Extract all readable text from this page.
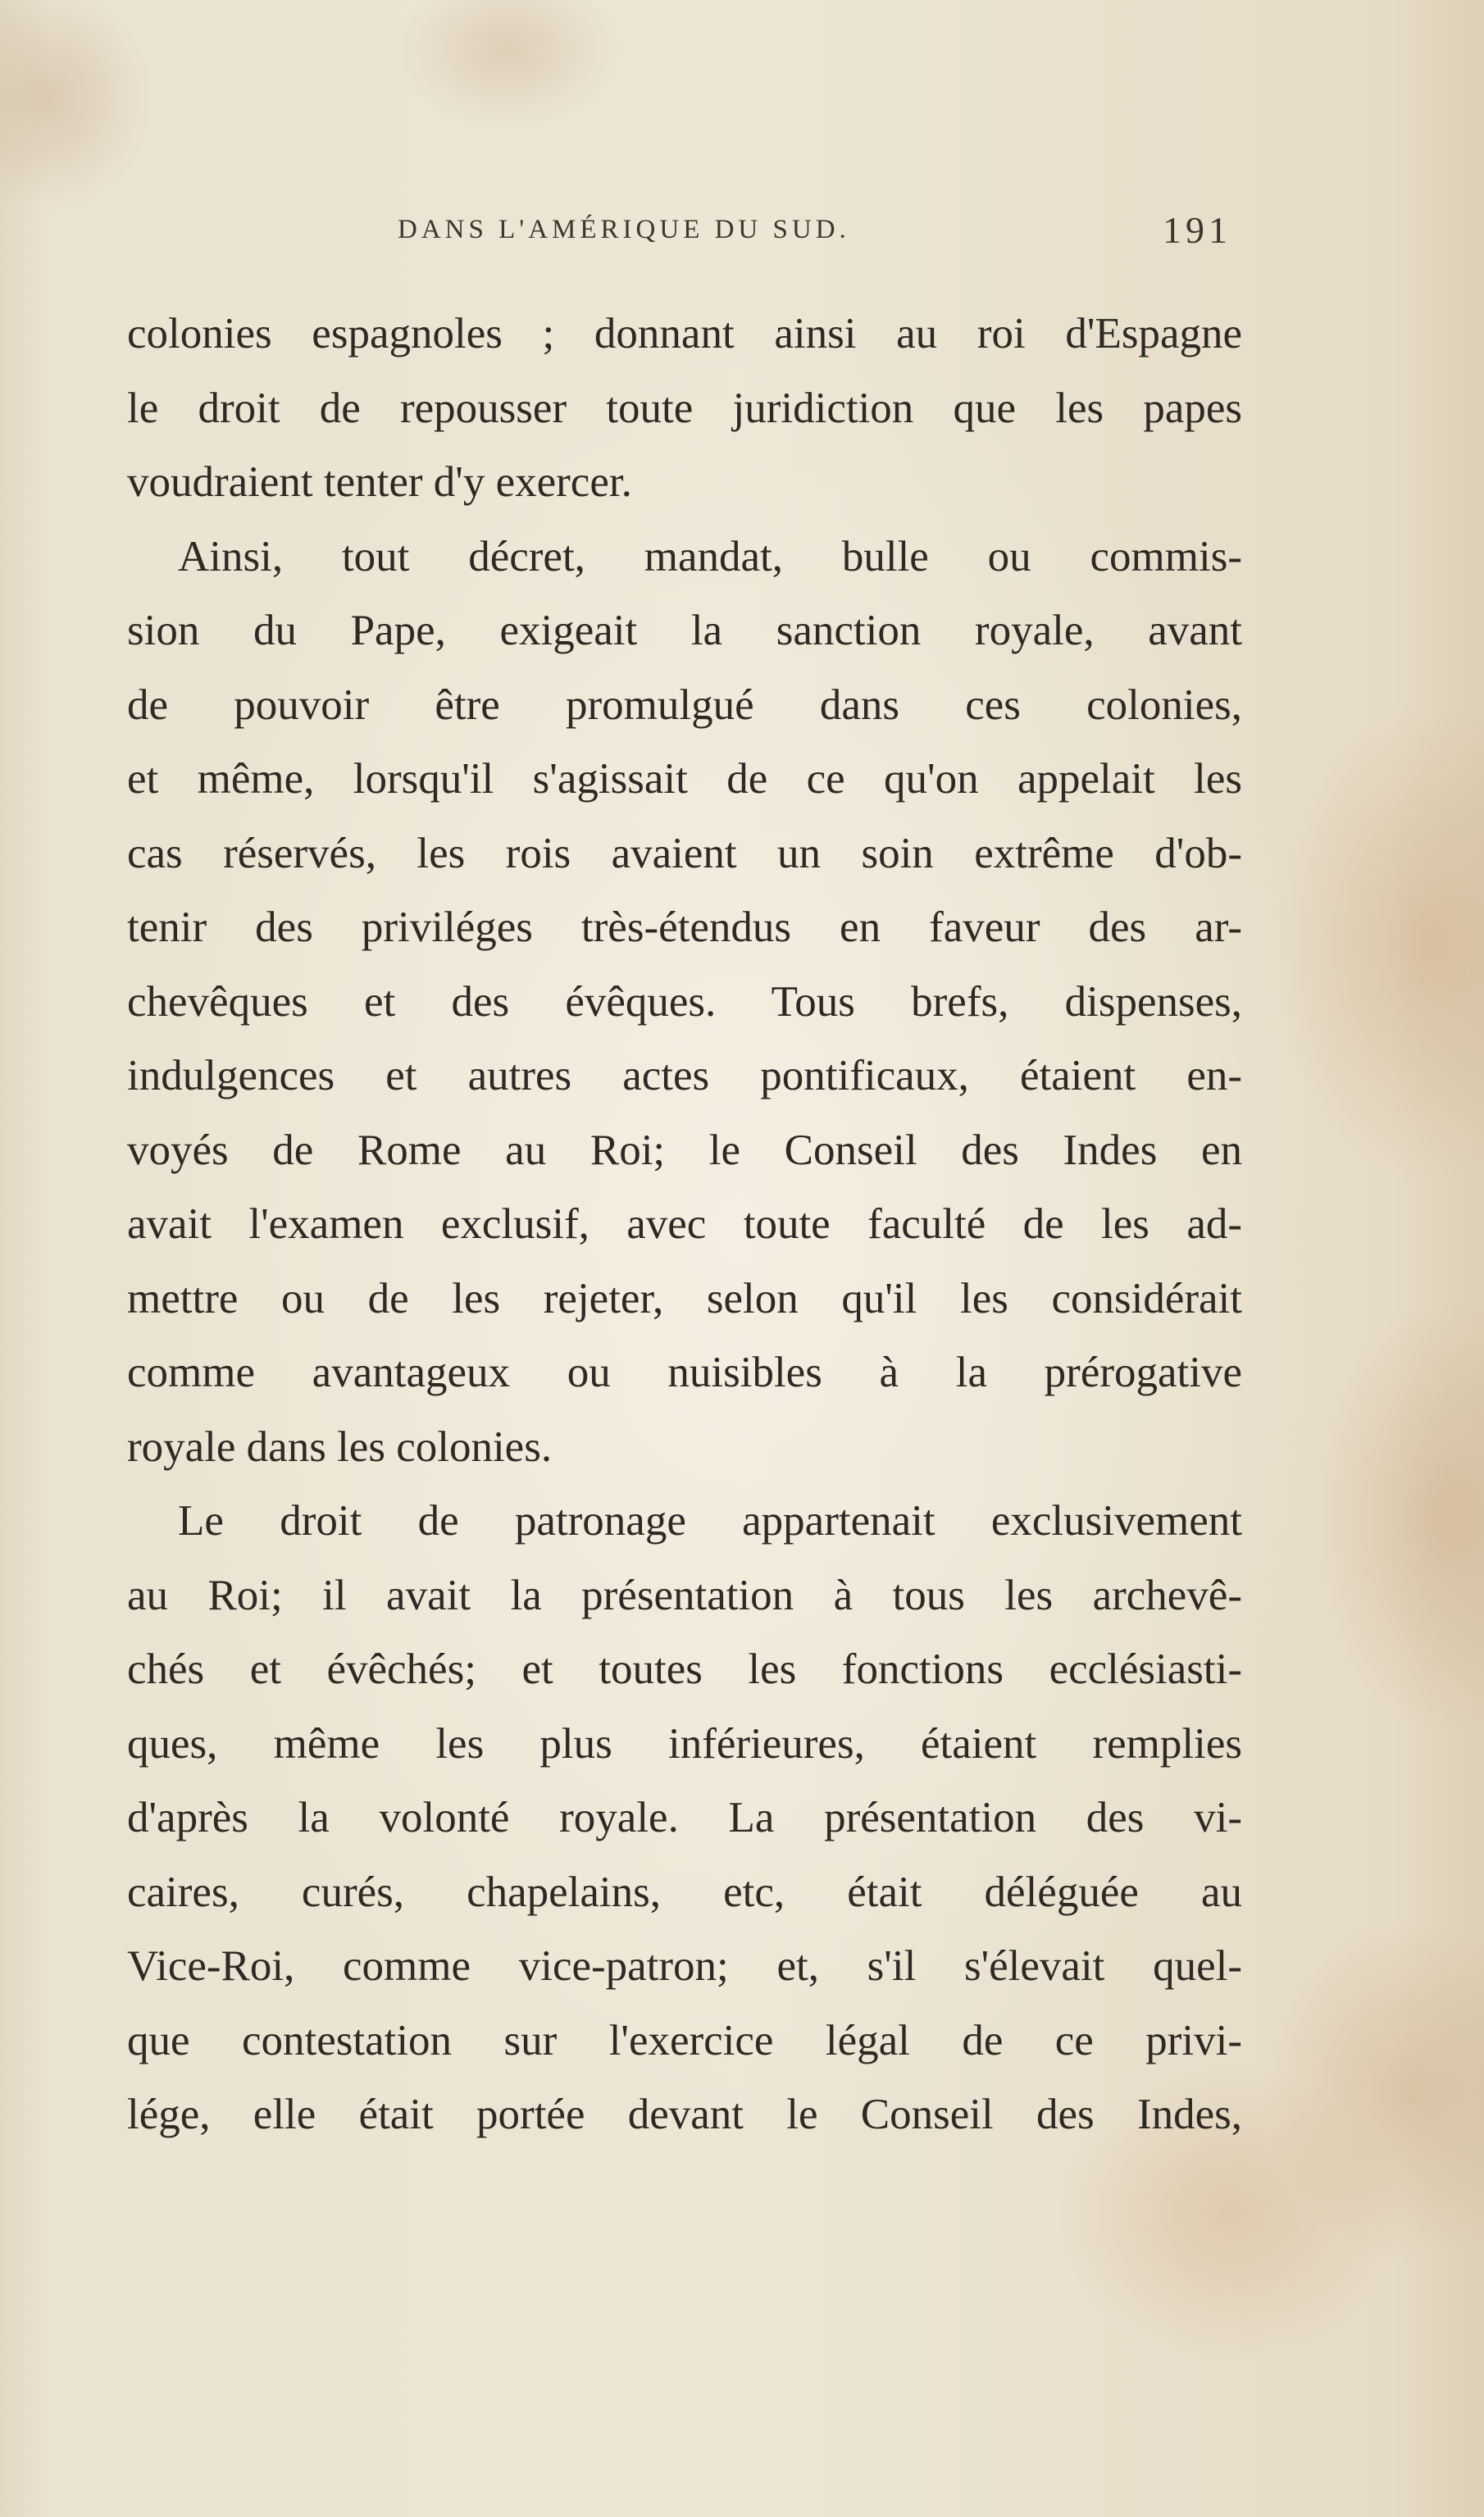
DANS L'AMÉRIQUE DU SUD.	191
colonies espagnoles ; donnant ainsi au roi d'Espagne
le droit de repousser toute juridiction que les papes
voudraient tenter d'y exercer.
Ainsi, tout décret, mandat, bulle ou commis-
sion du Pape, exigeait la sanction royale, avant
de pouvoir être promulgué dans ces colonies,
et même, lorsqu'il s'agissait de ce qu'on appelait les
cas réservés, les rois avaient un soin extrême d'ob-
tenir des priviléges très-étendus en faveur des ar-
chevêques et des évêques. Tous brefs, dispenses,
indulgences et autres actes pontificaux, étaient en-
voyés de Rome au Roi; le Conseil des Indes en
avait l'examen exclusif, avec toute faculté de les ad-
mettre ou de les rejeter, selon qu'il les considérait
comme avantageux ou nuisibles à la prérogative
royale dans les colonies.
Le droit de patronage appartenait exclusivement
au Roi; il avait la présentation à tous les archevê-
chés et évêchés; et toutes les fonctions ecclésiasti-
ques, même les plus inférieures, étaient remplies
d'après la volonté royale. La présentation des vi-
caires, curés, chapelains, etc, était déléguée au
Vice-Roi, comme vice-patron; et, s'il s'élevait quel-
que contestation sur l'exercice légal de ce privi-
lége, elle était portée devant le Conseil des Indes,
